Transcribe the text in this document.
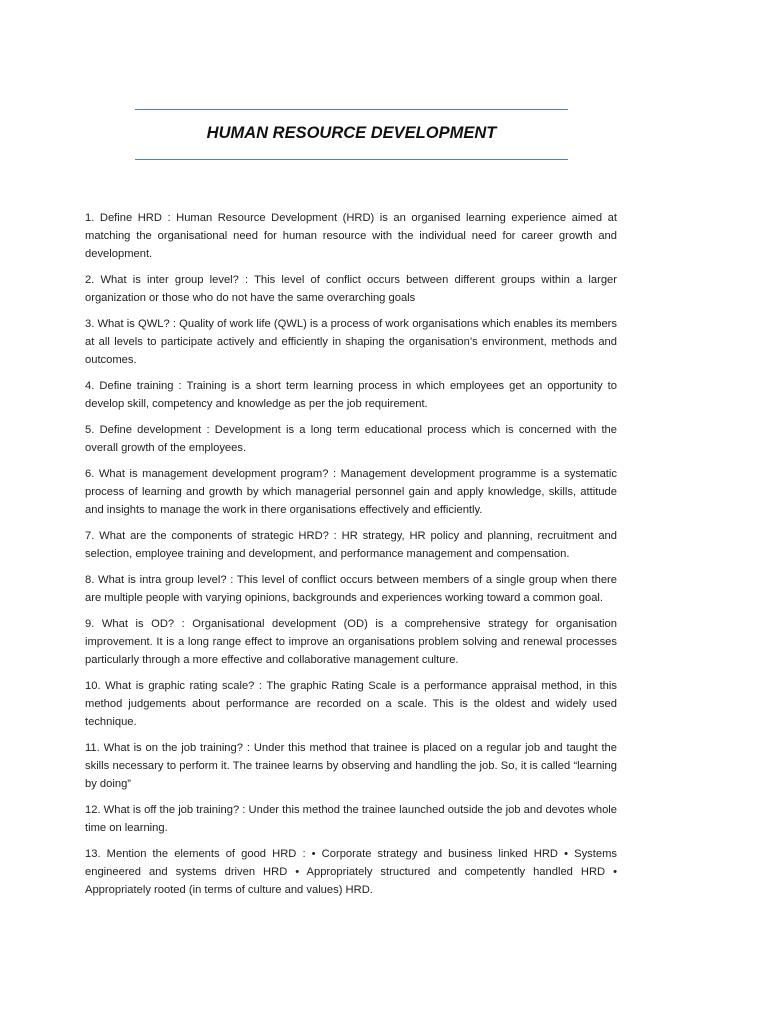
HUMAN RESOURCE DEVELOPMENT

1. Define HRD : Human Resource Development (HRD) is an organised learning experience aimed at matching the organisational need for human resource with the individual need for career growth and development.

2. What is inter group level? : This level of conflict occurs between different groups within a larger organization or those who do not have the same overarching goals

3. What is QWL? : Quality of work life (QWL) is a process of work organisations which enables its members at all levels to participate actively and efficiently in shaping the organisation’s environment, methods and outcomes.

4. Define training : Training is a short term learning process in which employees get an opportunity to develop skill, competency and knowledge as per the job requirement.

5. Define development : Development is a long term educational process which is concerned with the overall growth of the employees.

6. What is management development program? : Management development programme is a systematic process of learning and growth by which managerial personnel gain and apply knowledge, skills, attitude and insights to manage the work in there organisations effectively and efficiently.

7. What are the components of strategic HRD? : HR strategy, HR policy and planning, recruitment and selection, employee training and development, and performance management and compensation.

8. What is intra group level? : This level of conflict occurs between members of a single group when there are multiple people with varying opinions, backgrounds and experiences working toward a common goal.

9. What is OD? : Organisational development (OD) is a comprehensive strategy for organisation improvement. It is a long range effect to improve an organisations problem solving and renewal processes particularly through a more effective and collaborative management culture.

10. What is graphic rating scale? : The graphic Rating Scale is a performance appraisal method, in this method judgements about performance are recorded on a scale. This is the oldest and widely used technique.

11. What is on the job training? : Under this method that trainee is placed on a regular job and taught the skills necessary to perform it. The trainee learns by observing and handling the job. So, it is called “learning by doing”

12. What is off the job training? : Under this method the trainee launched outside the job and devotes whole time on learning.

13. Mention the elements of good HRD : • Corporate strategy and business linked HRD • Systems engineered and systems driven HRD • Appropriately structured and competently handled HRD • Appropriately rooted (in terms of culture and values) HRD.
